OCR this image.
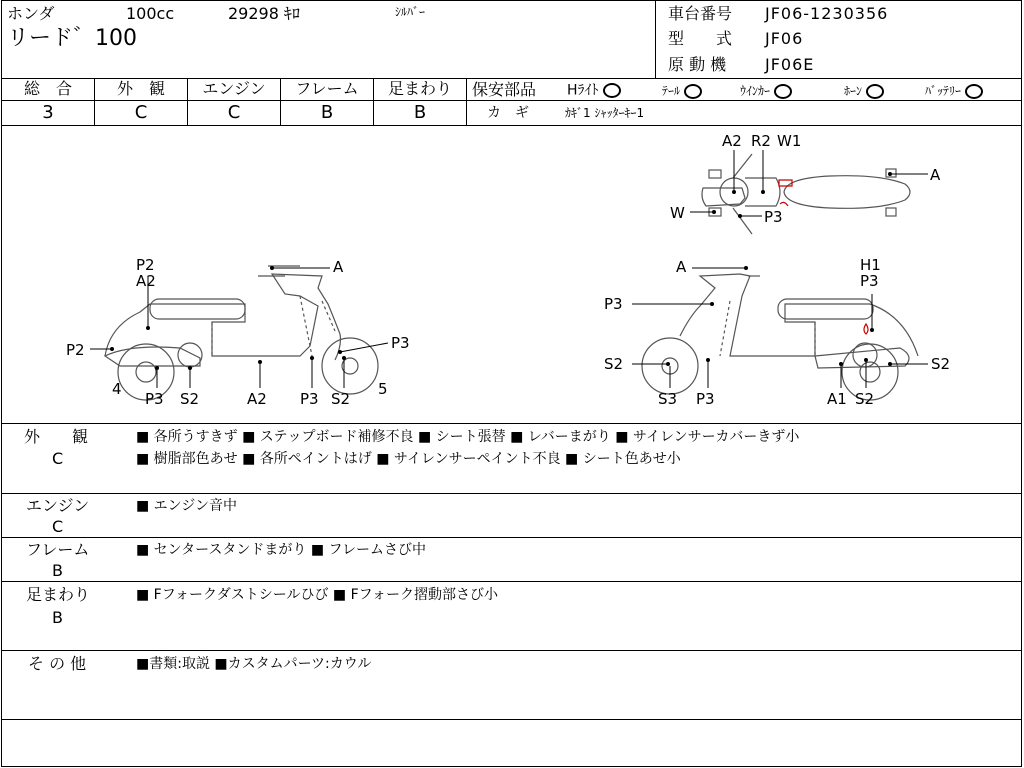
ホンダ	100cc	29298 ｷﾛ	ｼﾙﾊﾞｰ
リード゛100
車台番号 JF06-1230356
型　　式 JF06
原 動 機 JF06E
総　合	外　観	エンジン	フレーム	足まわり
3	C	C	B	B
保安部品 Hﾗｲﾄ	ﾃｰﾙ	ｳｲﾝｶｰ	ﾎｰﾝ	ﾊﾞｯﾃﾘｰ
カ　ギ	ｶｷﾞ1 ｼｬｯﾀｰｷｰ1
A2 R2 W1
A
W	P3
P2
A2
A
P2	P3
4	5
P3 S2	A2 P3 S2
A	H1
P3
P3
S2	S2
S3 P3	A1 S2
外　　観
C
■ 各所うすきず ■ ステップボード補修不良 ■ シート張替 ■ レバーまがり ■ サイレンサーカバーきず小
■ 樹脂部色あせ ■ 各所ペイントはげ ■ サイレンサーペイント不良 ■ シート色あせ小
エンジン
C
■ エンジン音中
フレーム
B
■ センタースタンドまがり ■ フレームさび中
足まわり
B
■ Fフォークダストシールひび ■ Fフォーク摺動部さび小
そ の 他	■書類:取説 ■カスタムパーツ:カウル
